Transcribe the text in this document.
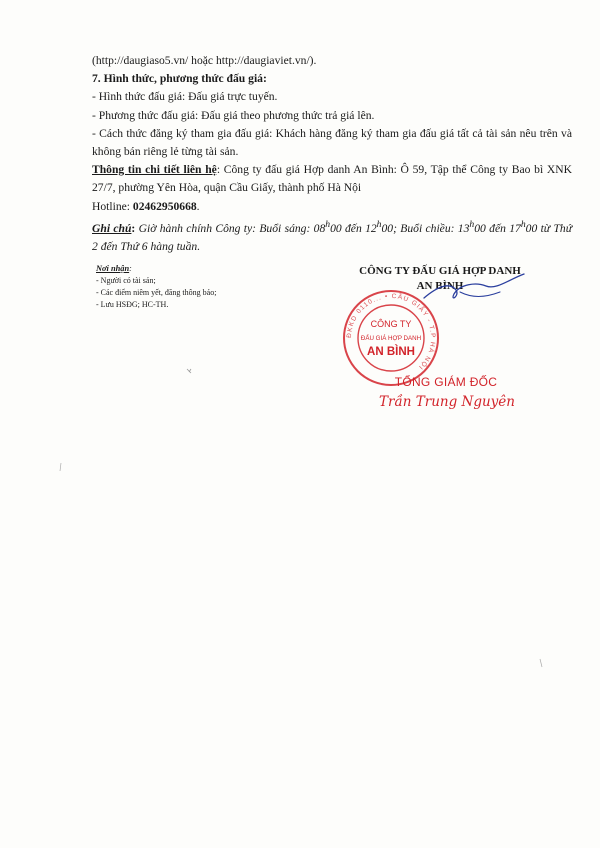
(http://daugiaso5.vn/ hoặc http://daugiaviet.vn/).

7. Hình thức, phương thức đấu giá:

- Hình thức đấu giá: Đấu giá trực tuyến.

- Phương thức đấu giá: Đấu giá theo phương thức trả giá lên.

- Cách thức đăng ký tham gia đấu giá: Khách hàng đăng ký tham gia đấu giá tất cả tài sản nêu trên và không bán riêng lẻ từng tài sản.

Thông tin chi tiết liên hệ: Công ty đấu giá Hợp danh An Bình: Ô 59, Tập thể Công ty Bao bì XNK 27/7, phường Yên Hòa, quận Cầu Giấy, thành phố Hà Nội

Hotline: 02462950668.

Ghi chú: Giờ hành chính Công ty: Buổi sáng: 08$^h$00 đến 12$^h$00; Buổi chiều: 13$^h$00 đến 17$^h$00 từ Thứ 2 đến Thứ 6 hàng tuần.

Nơi nhận:
- Người có tài sản;
- Các điểm niêm yết, đăng thông báo;
- Lưu HSĐG; HC-TH.
CÔNG TY ĐẤU GIÁ HỢP DANH
AN BÌNH
ĐKKD 0110... • CẦU GIẤY - T.P HÀ NỘI
CÔNG TY
ĐẤU GIÁ HỢP DANH
AN BÌNH
TỔNG GIÁM ĐỐC
Trần Trung Nguyên
